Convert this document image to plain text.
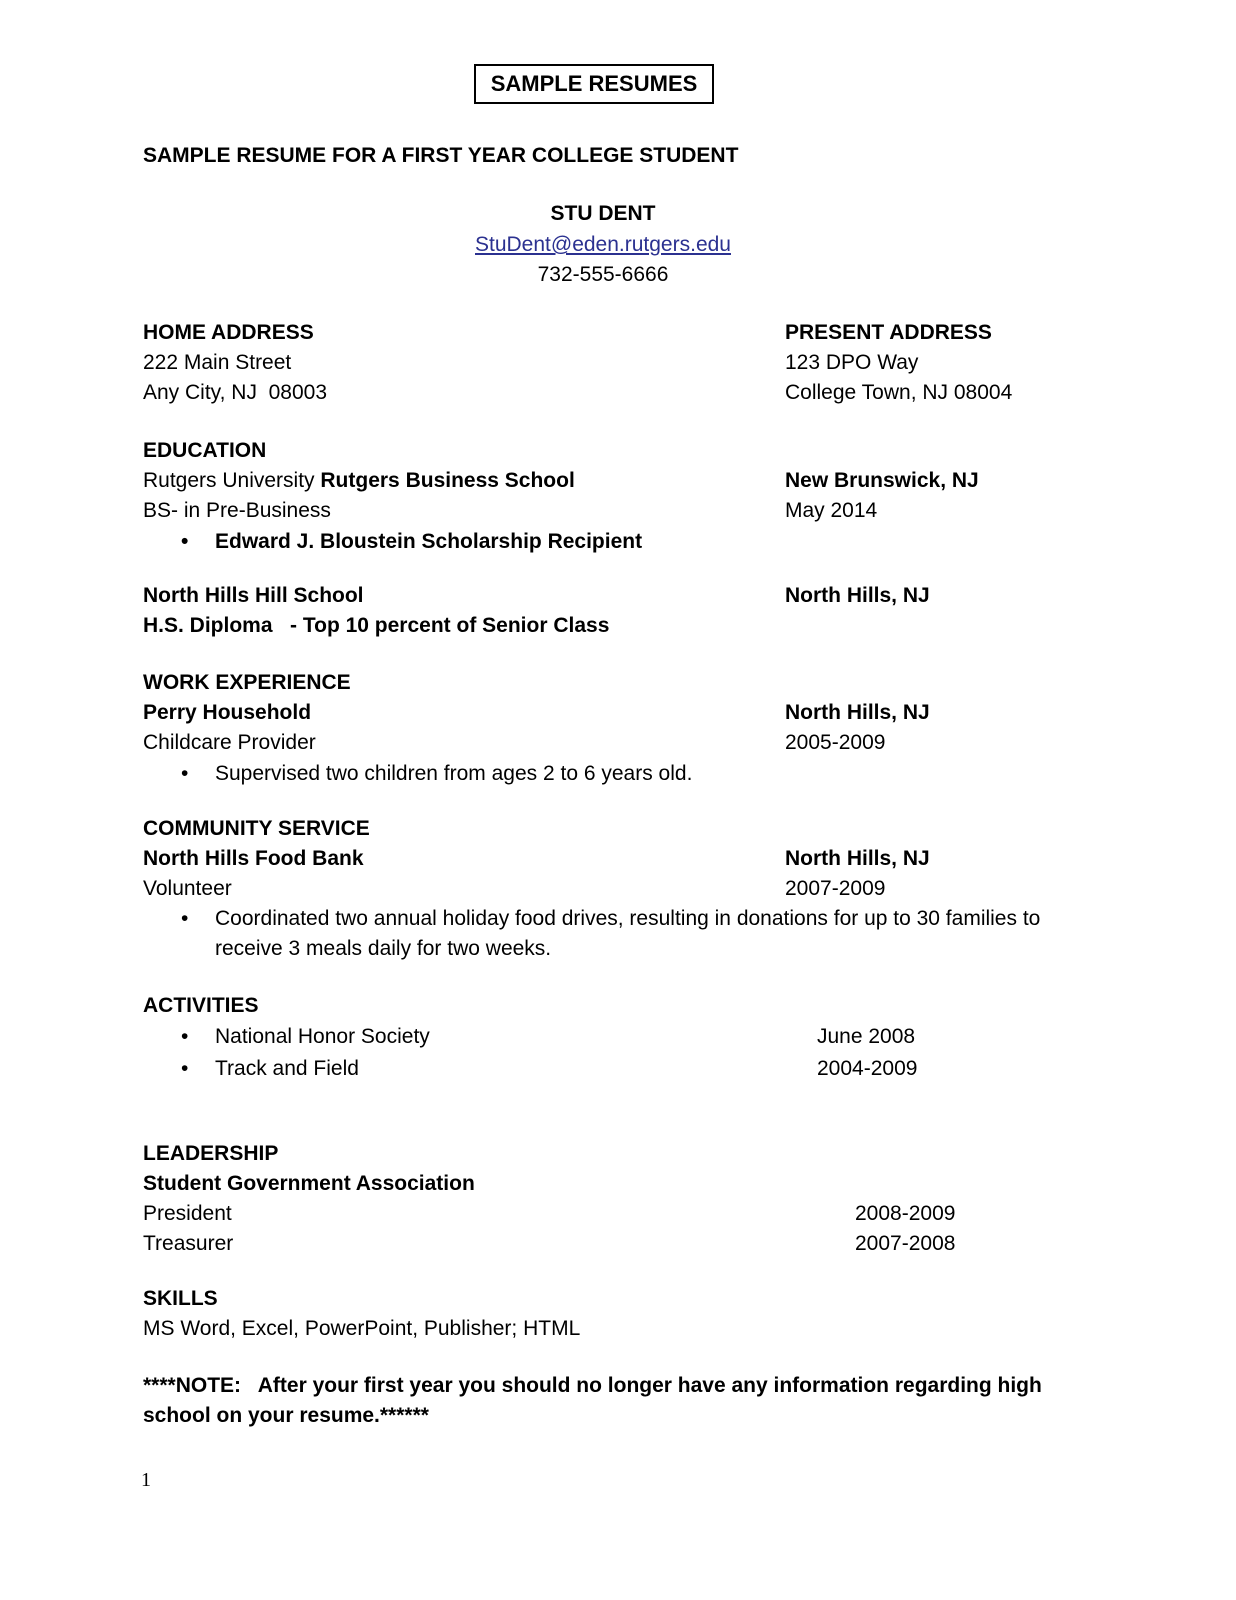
SAMPLE RESUMES
SAMPLE RESUME FOR A FIRST YEAR COLLEGE STUDENT
STU DENT
StuDent@eden.rutgers.edu
732-555-6666
HOME ADDRESS	PRESENT ADDRESS
222 Main Street	123 DPO Way
Any City, NJ  08003	College Town, NJ 08004
EDUCATION
Rutgers University Rutgers Business School	New Brunswick, NJ
BS- in Pre-Business	May 2014
•	Edward J. Bloustein Scholarship Recipient
North Hills Hill School	North Hills, NJ
H.S. Diploma   - Top 10 percent of Senior Class
WORK EXPERIENCE
Perry Household	North Hills, NJ
Childcare Provider	2005-2009
•	Supervised two children from ages 2 to 6 years old.
COMMUNITY SERVICE
North Hills Food Bank	North Hills, NJ
Volunteer	2007-2009
•	Coordinated two annual holiday food drives, resulting in donations for up to 30 families to receive 3 meals daily for two weeks.
ACTIVITIES
•	National Honor Society	June 2008
•	Track and Field	2004-2009
LEADERSHIP
Student Government Association
President	2008-2009
Treasurer	2007-2008
SKILLS
MS Word, Excel, PowerPoint, Publisher; HTML
****NOTE:   After your first year you should no longer have any information regarding high school on your resume.******
1
